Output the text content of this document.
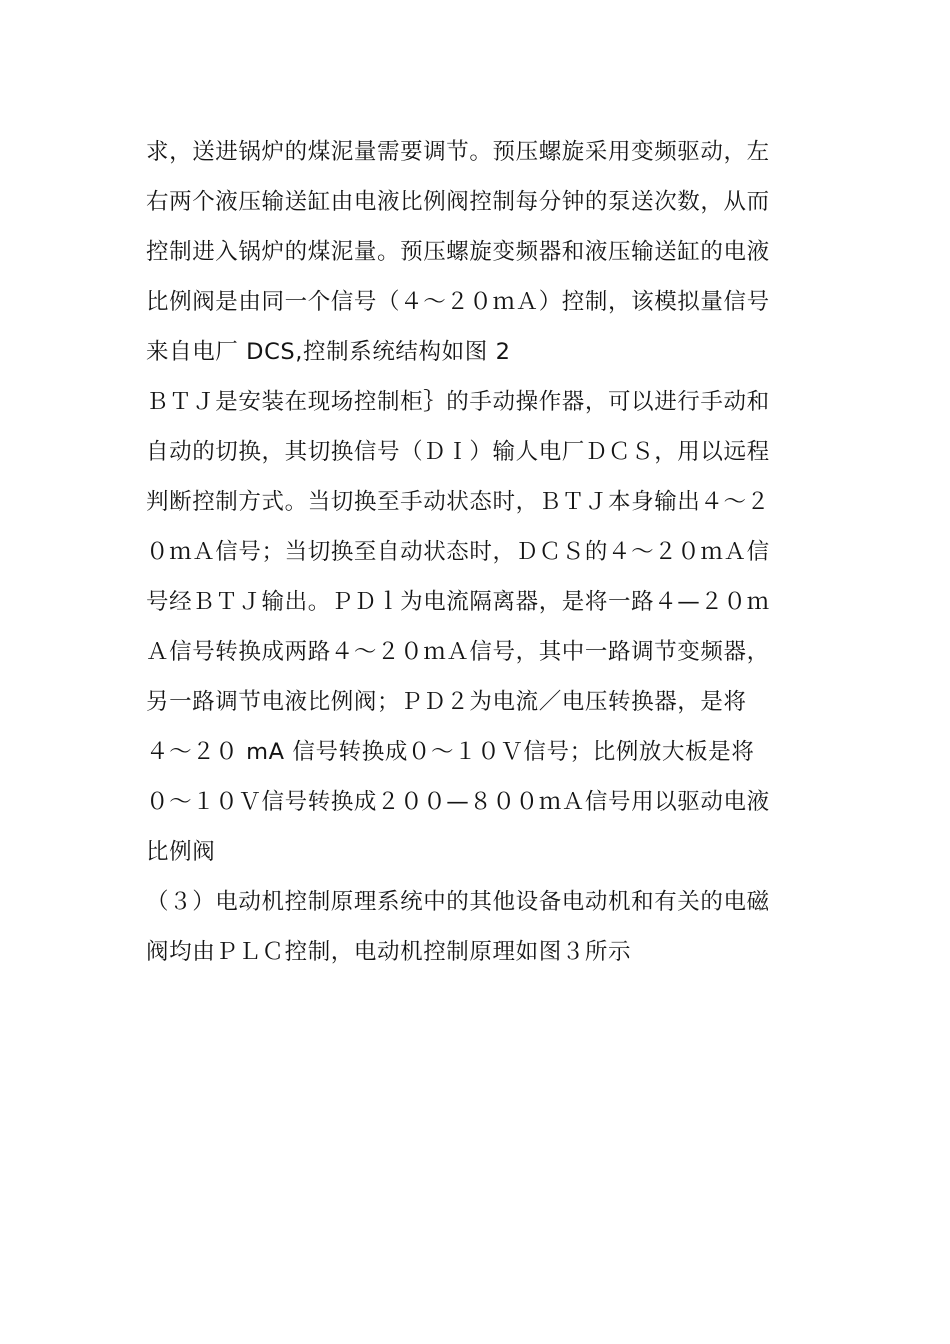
求，送进锅炉的煤泥量需要调节。预压螺旋采用变频驱动，左
右两个液压输送缸由电液比例阀控制每分钟的泵送次数，从而
控制进入锅炉的煤泥量。预压螺旋变频器和液压输送缸的电液
比例阀是由同一个信号（４～２０ｍＡ）控制，该模拟量信号
来自电厂 DCS,控制系统结构如图 2
ＢＴＪ是安装在现场控制柜｝的手动操作器，可以进行手动和
自动的切换，其切换信号（ＤＩ）输人电厂ＤＣＳ，用以远程
判断控制方式。当切换至手动状态时，ＢＴＪ本身输出４～２
０ｍＡ信号；当切换至自动状态时，ＤＣＳ的４～２０ｍＡ信
号经ＢＴＪ输出。ＰＤｌ为电流隔离器，是将一路４—２０ｍ
Ａ信号转换成两路４～２０ｍＡ信号，其中一路调节变频器，
另一路调节电液比例阀；ＰＤ２为电流／电压转换器，是将
４～２０ mA 信号转换成０～１０Ｖ信号；比例放大板是将
０～１０Ｖ信号转换成２００—８００ｍＡ信号用以驱动电液
比例阀
（３）电动机控制原理系统中的其他设备电动机和有关的电磁
阀均由ＰＬＣ控制，电动机控制原理如图３所示
